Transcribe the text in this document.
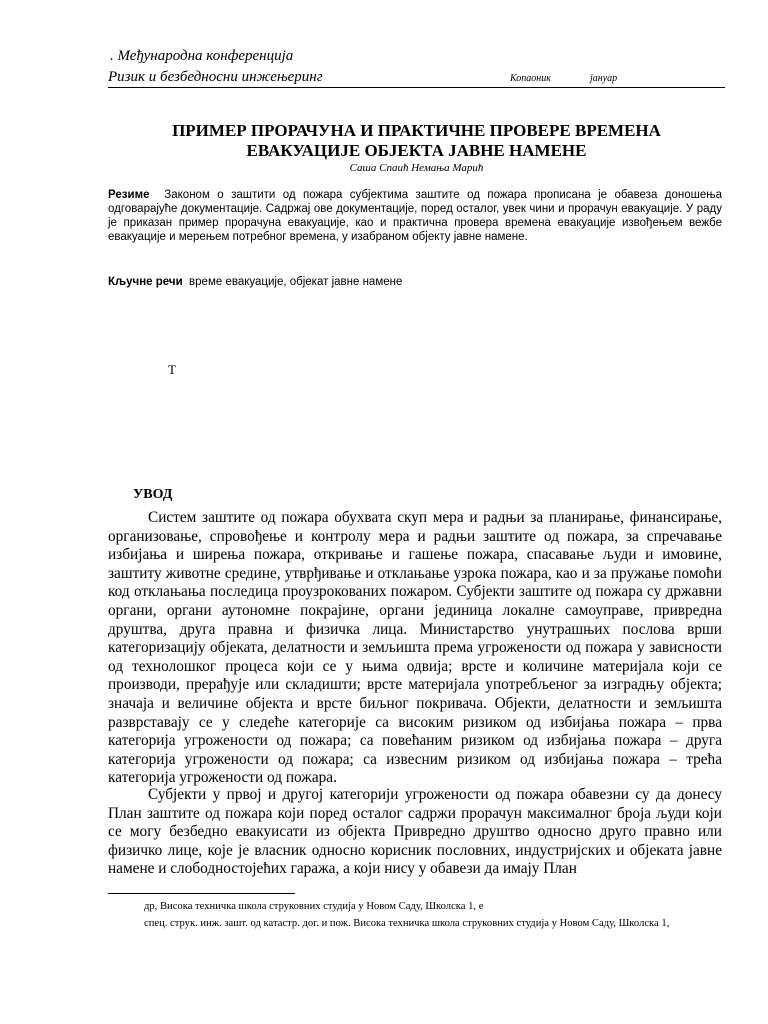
. Међународна конференција
Ризик и безбедносни инжењеринг	Копаоник	јануар
ПРИМЕР ПРОРАЧУНА И ПРАКТИЧНЕ ПРОВЕРЕ ВРЕМЕНА
ЕВАКУАЦИЈЕ ОБЈЕКТА ЈАВНЕ НАМЕНЕ
Саша Спаић Немања Марић
Резиме Законом о заштити од пожара субјектима заштите од пожара прописана је обавеза доношења одговарајуће документације. Садржај ове документације, поред осталог, увек чини и прорачун евакуације. У раду је приказан пример прорачуна евакуације, као и практична провера времена евакуације извођењем вежбе евакуације и мерењем потребног времена, у изабраном објекту јавне намене.
Кључне речи време евакуације, објекат јавне намене
T
УВОД
Систем заштите од пожара обухвата скуп мера и радњи за планирање, финансирање, организовање, спровођење и контролу мера и радњи заштите од пожара, за спречавање избијања и ширења пожара, откривање и гашење пожара, спасавање људи и имовине, заштиту животне средине, утврђивање и отклањање узрока пожара, као и за пружање помоћи код отклањања последица проузрокованих пожаром. Субјекти заштите од пожара су државни органи, органи аутономне покрајине, органи јединица локалне самоуправе, привредна друштва, друга правна и физичка лица. Министарство унутрашњих послова врши категоризацију објеката, делатности и земљишта према угрожености од пожара у зависности од технолошког процеса који се у њима одвија; врсте и количине материјала који се производи, прерађује или складишти; врсте материјала употребљеног за изградњу објекта; значаја и величине објекта и врсте биљног покривача. Објекти, делатности и земљишта разврставају се у следеће категорије са високим ризиком од избијања пожара – прва категорија угрожености од пожара; са повећаним ризиком од избијања пожара – друга категорија угрожености од пожара; са извесним ризиком од избијања пожара – трећа категорија угрожености од пожара.
Субјекти у првој и другој категорији угрожености од пожара обавезни су да донесу План заштите од пожара који поред осталог садржи прорачун максималног броја људи који се могу безбедно евакуисати из објекта Привредно друштво односно друго правно или физичко лице, које је власник односно корисник пословних, индустријских и објеката јавне намене и слободностојећих гаража, а који нису у обавези да имају План
др, Висока техничка школа струковних студија у Новом Саду, Школска 1, е
спец. струк. инж. зашт. од катастр. дог. и пож. Висока техничка школа струковних студија у Новом Саду, Школска 1,
